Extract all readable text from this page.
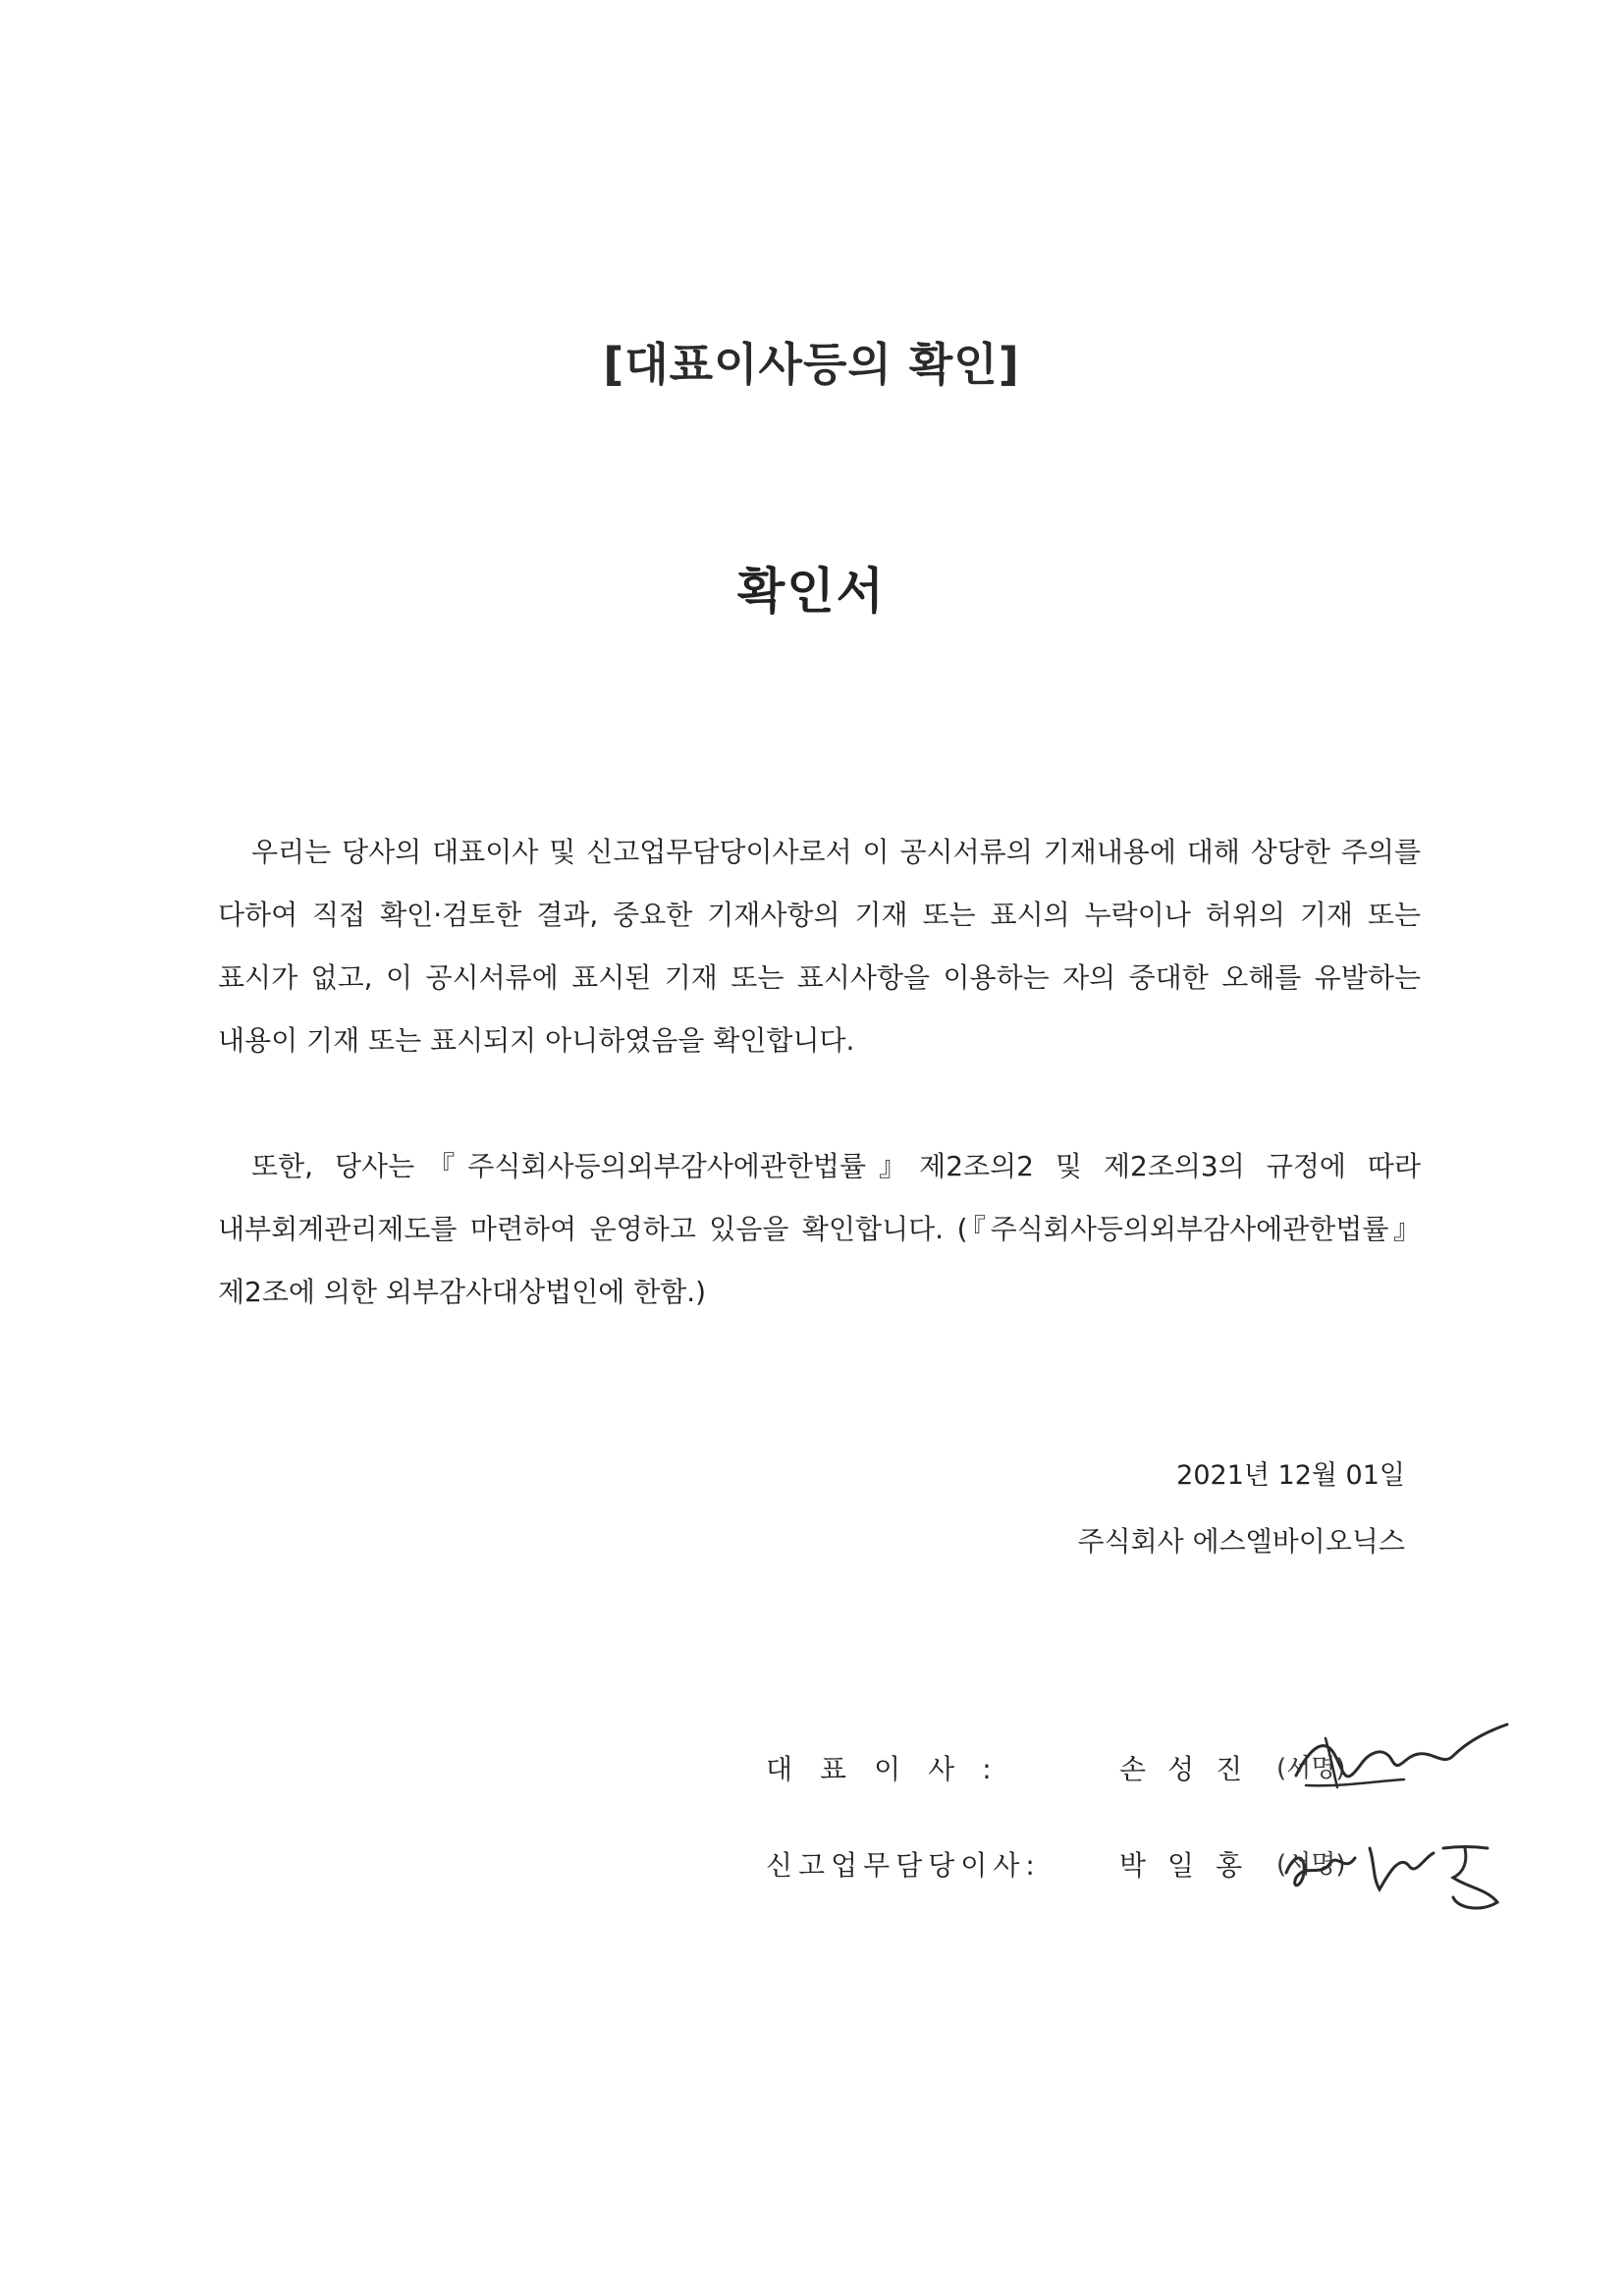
[대표이사등의 확인]
확인서

우리는 당사의 대표이사 및 신고업무담당이사로서 이 공시서류의 기재내용에 대해 상당한 주의를 다하여 직접 확인·검토한 결과, 중요한 기재사항의 기재 또는 표시의 누락이나 허위의 기재 또는 표시가 없고, 이 공시서류에 표시된 기재 또는 표시사항을 이용하는 자의 중대한 오해를 유발하는 내용이 기재 또는 표시되지 아니하였음을 확인합니다.

또한, 당사는『주식회사등의외부감사에관한법률』제2조의2 및 제2조의3의 규정에 따라 내부회계관리제도를 마련하여 운영하고 있음을 확인합니다. (『주식회사등의외부감사에관한법률』제2조에 의한 외부감사대상법인에 한함.)

2021년 12월 01일
주식회사 에스엘바이오닉스
대표이사:	손성진 (서명)
신고업무담당이사:	박일홍 (서명)
